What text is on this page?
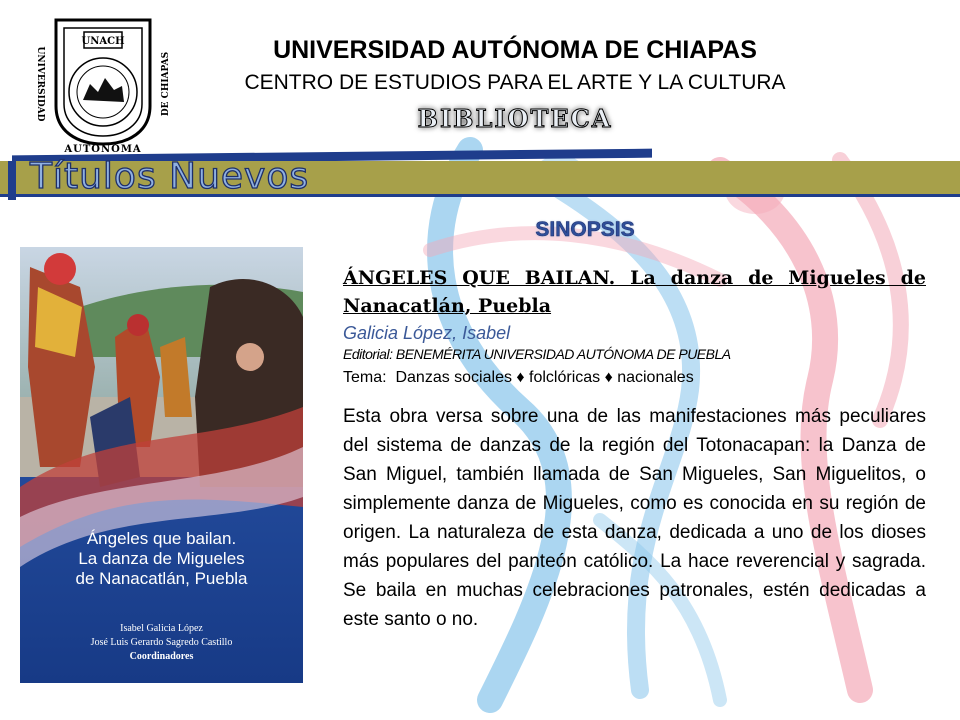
UNACH
UNIVERSIDAD	DE CHIAPAS
AUTONOMA
UNIVERSIDAD AUTÓNOMA DE CHIAPAS
CENTRO DE ESTUDIOS PARA EL ARTE Y LA CULTURA
BIBLIOTECA
Títulos Nuevos
SINOPSIS
Ángeles que bailan.
La danza de Migueles
de Nanacatlán, Puebla
Isabel Galicia López
José Luis Gerardo Sagredo Castillo
Coordinadores
ÁNGELES QUE BAILAN. La danza de Migueles de Nanacatlán, Puebla
Galicia López, Isabel
Editorial: BENEMÉRITA UNIVERSIDAD AUTÓNOMA DE PUEBLA
Tema:  Danzas sociales ♦ folclóricas ♦ nacionales
Esta obra versa sobre una de las manifestaciones más peculiares del sistema de danzas de la región del Totonacapan: la Danza de San Miguel, también llamada de San Migueles, San Miguelitos, o simplemente danza de Migueles, como es conocida en su región de origen. La naturaleza de esta danza, dedicada a uno de los dioses más populares del panteón católico. La hace reverencial y sagrada. Se baila en muchas celebraciones patronales, estén dedicadas a este santo o no.
